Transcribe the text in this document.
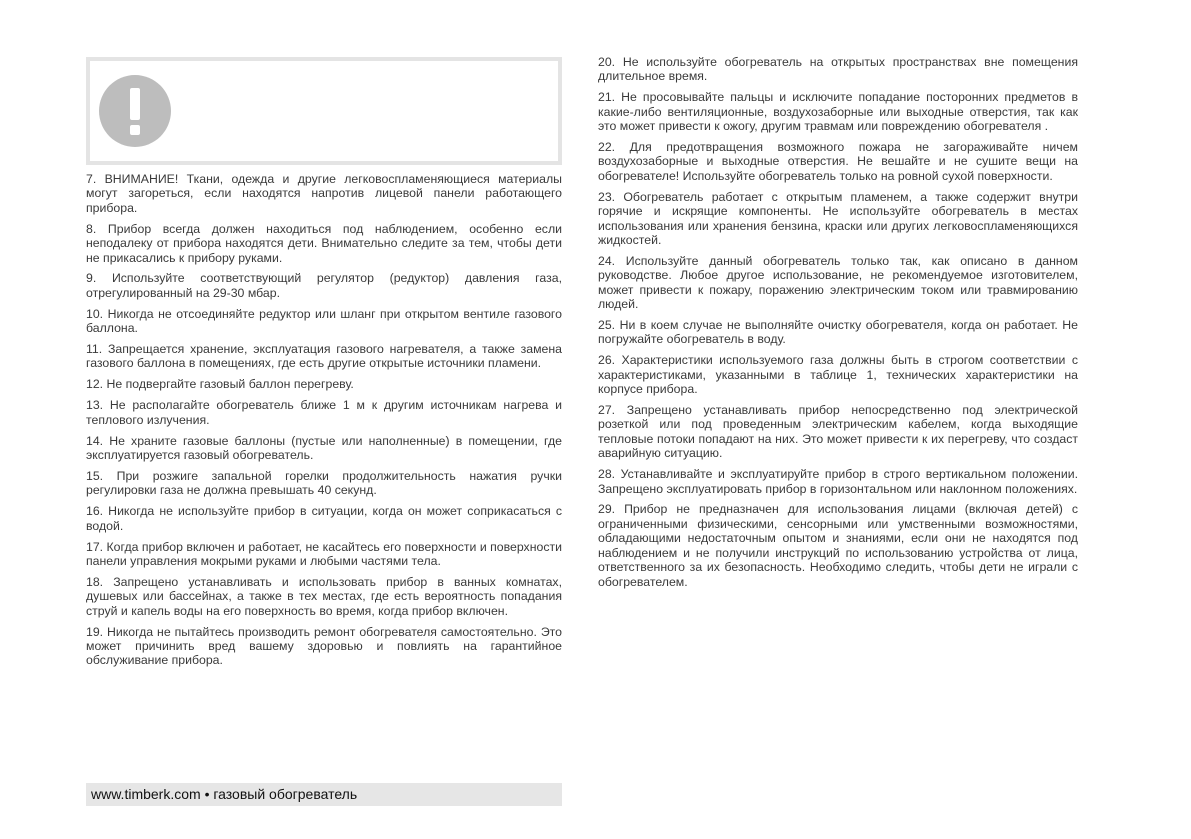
7. ВНИМАНИЕ! Ткани, одежда и другие легковоспламеняющиеся материалы могут загореться, если находятся напротив лицевой панели работающего прибора.

8. Прибор всегда должен находиться под наблюдением, особенно если неподалеку от прибора находятся дети. Внимательно следите за тем, чтобы дети не прикасались к прибору руками.

9. Используйте соответствующий регулятор (редуктор) давления газа, отрегулированный на 29-30 мбар.

10. Никогда не отсоединяйте редуктор или шланг при открытом вентиле газового баллона.

11. Запрещается хранение, эксплуатация газового нагревателя, а также замена газового баллона в помещениях, где есть другие открытые источники пламени.

12. Не подвергайте газовый баллон перегреву.

13. Не располагайте обогреватель ближе 1 м к другим источникам нагрева и теплового излучения.

14. Не храните газовые баллоны (пустые или наполненные) в помещении, где эксплуатируется газовый обогреватель.

15. При розжиге запальной горелки продолжительность нажатия ручки регулировки газа не должна превышать 40 секунд.

16. Никогда не используйте прибор в ситуации, когда он может соприкасаться с водой.

17. Когда прибор включен и работает, не касайтесь его поверхности и поверхности панели управления мокрыми руками и любыми частями тела.

18. Запрещено устанавливать и использовать прибор в ванных комнатах, душевых или бассейнах, а также в тех местах, где есть вероятность попадания струй и капель воды на его поверхность во время, когда прибор включен.

19. Никогда не пытайтесь производить ремонт обогревателя самостоятельно. Это может причинить вред вашему здоровью и повлиять на гарантийное обслуживание прибора.

20. Не используйте обогреватель на открытых пространствах вне помещения длительное время.

21. Не просовывайте пальцы и исключите попадание посторонних предметов в какие-либо вентиляционные, воздухозаборные или выходные отверстия, так как это может привести к ожогу, другим травмам или повреждению обогревателя .

22. Для предотвращения возможного пожара не загораживайте ничем воздухозаборные и выходные отверстия. Не вешайте и не сушите вещи на обогревателе! Используйте обогреватель только на ровной сухой поверхности.

23. Обогреватель работает с открытым пламенем, а также содержит внутри горячие и искрящие компоненты. Не используйте обогреватель в местах использования или хранения бензина, краски или других легковоспламеняющихся жидкостей.

24. Используйте данный обогреватель только так, как описано в данном руководстве. Любое другое использование, не рекомендуемое изготовителем, может привести к пожару, поражению электрическим током или травмированию людей.

25. Ни в коем случае не выполняйте очистку обогревателя, когда он работает. Не погружайте обогреватель в воду.

26. Характеристики используемого газа должны быть в строгом соответствии с характеристиками, указанными в таблице 1, технических характеристики на корпусе прибора.

27. Запрещено устанавливать прибор непосредственно под электрической розеткой или под проведенным электрическим кабелем, когда выходящие тепловые потоки попадают на них. Это может привести к их перегреву, что создаст аварийную ситуацию.

28. Устанавливайте и эксплуатируйте прибор в строго вертикальном положении. Запрещено эксплуатировать прибор в горизонтальном или наклонном положениях.

29. Прибор не предназначен для использования лицами (включая детей) с ограниченными физическими, сенсорными или умственными возможностями, обладающими недостаточным опытом и знаниями, если они не находятся под наблюдением и не получили инструкций по использованию устройства от лица, ответственного за их безопасность. Необходимо следить, чтобы дети не играли с обогревателем.

www.timberk.com • газовый обогреватель
